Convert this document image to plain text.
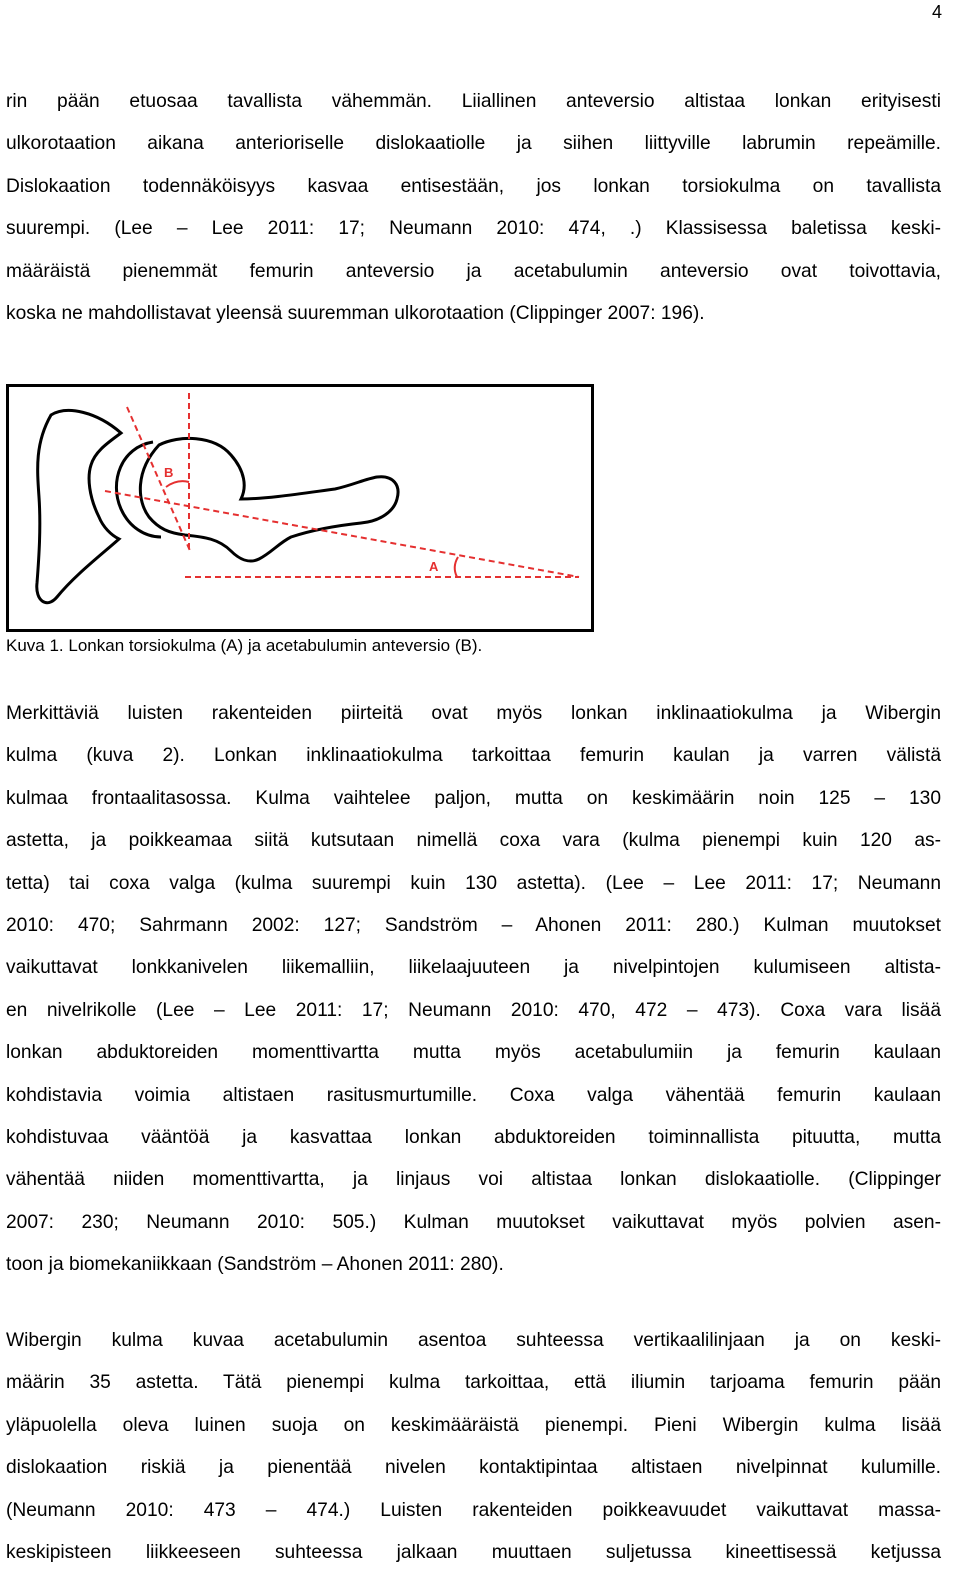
4
rin pään etuosaa tavallista vähemmän. Liiallinen anteversio altistaa lonkan erityisesti
ulkorotaation aikana anterioriselle dislokaatiolle ja siihen liittyville labrumin repeämille.
Dislokaation todennäköisyys kasvaa entisestään, jos lonkan torsiokulma on tavallista
suurempi. (Lee – Lee 2011: 17; Neumann 2010: 474, .) Klassisessa baletissa keski-
määräistä pienemmät femurin anteversio ja acetabulumin anteversio ovat toivottavia,
koska ne mahdollistavat yleensä suuremman ulkorotaation (Clippinger 2007: 196).
B
A
Kuva 1. Lonkan torsiokulma (A) ja acetabulumin anteversio (B).
Merkittäviä luisten rakenteiden piirteitä ovat myös lonkan inklinaatiokulma ja Wibergin
kulma (kuva 2). Lonkan inklinaatiokulma tarkoittaa femurin kaulan ja varren välistä
kulmaa frontaalitasossa. Kulma vaihtelee paljon, mutta on keskimäärin noin 125 – 130
astetta, ja poikkeamaa siitä kutsutaan nimellä coxa vara (kulma pienempi kuin 120 as-
tetta) tai coxa valga (kulma suurempi kuin 130 astetta). (Lee – Lee 2011: 17; Neumann
2010: 470; Sahrmann 2002: 127; Sandström – Ahonen 2011: 280.) Kulman muutokset
vaikuttavat lonkkanivelen liikemalliin, liikelaajuuteen ja nivelpintojen kulumiseen altista-
en nivelrikolle (Lee – Lee 2011: 17; Neumann 2010: 470, 472 – 473). Coxa vara lisää
lonkan abduktoreiden momenttivartta mutta myös acetabulumiin ja femurin kaulaan
kohdistavia voimia altistaen rasitusmurtumille. Coxa valga vähentää femurin kaulaan
kohdistuvaa vääntöä ja kasvattaa lonkan abduktoreiden toiminnallista pituutta, mutta
vähentää niiden momenttivartta, ja linjaus voi altistaa lonkan dislokaatiolle. (Clippinger
2007: 230; Neumann 2010: 505.) Kulman muutokset vaikuttavat myös polvien asen-
toon ja biomekaniikkaan (Sandström – Ahonen 2011: 280).
Wibergin kulma kuvaa acetabulumin asentoa suhteessa vertikaalilinjaan ja on keski-
määrin 35 astetta. Tätä pienempi kulma tarkoittaa, että iliumin tarjoama femurin pään
yläpuolella oleva luinen suoja on keskimääräistä pienempi. Pieni Wibergin kulma lisää
dislokaation riskiä ja pienentää nivelen kontaktipintaa altistaen nivelpinnat kulumille.
(Neumann 2010: 473 – 474.) Luisten rakenteiden poikkeavuudet vaikuttavat massa-
keskipisteen liikkeeseen suhteessa jalkaan muuttaen suljetussa kineettisessä ketjussa
